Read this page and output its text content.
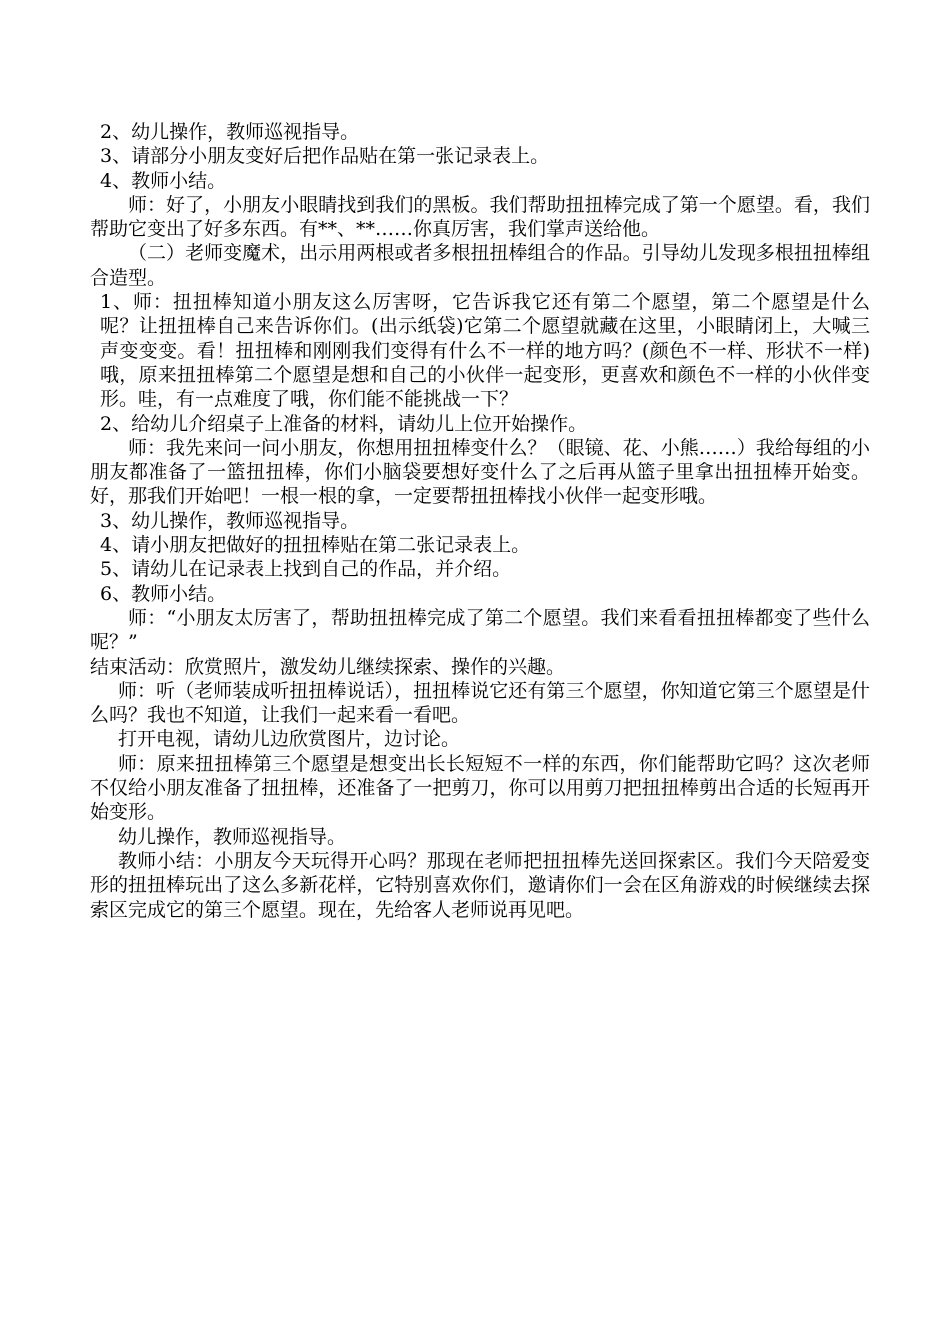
2、幼儿操作，教师巡视指导。

3、请部分小朋友变好后把作品贴在第一张记录表上。

4、教师小结。

师：好了，小朋友小眼睛找到我们的黑板。我们帮助扭扭棒完成了第一个愿望。看，我们帮助它变出了好多东西。有**、**……你真厉害，我们掌声送给他。

（二）老师变魔术，出示用两根或者多根扭扭棒组合的作品。引导幼儿发现多根扭扭棒组合造型。

1、师：扭扭棒知道小朋友这么厉害呀，它告诉我它还有第二个愿望，第二个愿望是什么呢？让扭扭棒自己来告诉你们。(出示纸袋)它第二个愿望就藏在这里，小眼睛闭上，大喊三声变变变。看！扭扭棒和刚刚我们变得有什么不一样的地方吗？(颜色不一样、形状不一样)哦，原来扭扭棒第二个愿望是想和自己的小伙伴一起变形，更喜欢和颜色不一样的小伙伴变形。哇，有一点难度了哦，你们能不能挑战一下？

2、给幼儿介绍桌子上准备的材料，请幼儿上位开始操作。

师：我先来问一问小朋友，你想用扭扭棒变什么？（眼镜、花、小熊……）我给每组的小朋友都准备了一篮扭扭棒，你们小脑袋要想好变什么了之后再从篮子里拿出扭扭棒开始变。好，那我们开始吧！一根一根的拿，一定要帮扭扭棒找小伙伴一起变形哦。

3、幼儿操作，教师巡视指导。

4、请小朋友把做好的扭扭棒贴在第二张记录表上。

5、请幼儿在记录表上找到自己的作品，并介绍。

6、教师小结。

师：“小朋友太厉害了，帮助扭扭棒完成了第二个愿望。我们来看看扭扭棒都变了些什么呢？”

结束活动：欣赏照片，激发幼儿继续探索、操作的兴趣。

师：听（老师装成听扭扭棒说话），扭扭棒说它还有第三个愿望，你知道它第三个愿望是什么吗？我也不知道，让我们一起来看一看吧。

打开电视，请幼儿边欣赏图片，边讨论。

师：原来扭扭棒第三个愿望是想变出长长短短不一样的东西，你们能帮助它吗？这次老师不仅给小朋友准备了扭扭棒，还准备了一把剪刀，你可以用剪刀把扭扭棒剪出合适的长短再开始变形。

幼儿操作，教师巡视指导。

教师小结：小朋友今天玩得开心吗？那现在老师把扭扭棒先送回探索区。我们今天陪爱变形的扭扭棒玩出了这么多新花样，它特别喜欢你们，邀请你们一会在区角游戏的时候继续去探索区完成它的第三个愿望。现在，先给客人老师说再见吧。
